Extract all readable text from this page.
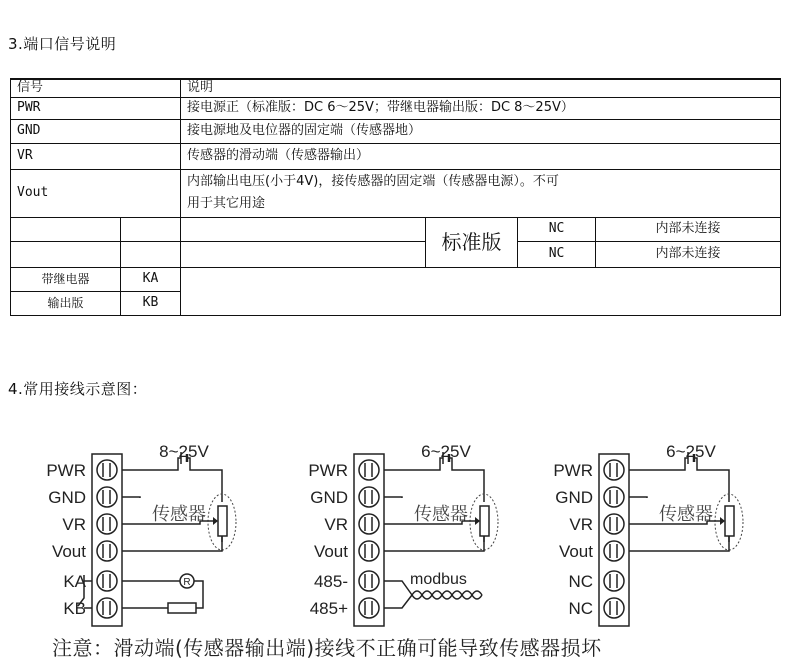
3.端口信号说明
信号		说明			
PWR		接电源正（标准版：DC 6～25V；带继电器输出版：DC 8～25V）			
GND		接电源地及电位器的固定端（传感器地）			
VR		传感器的滑动端（传感器输出）			
Vout		内部输出电压(小于4V)，接传感器的固定端（传感器电源）。不可
用于其它用途			

			标准版	NC	内部未连接
				NC	内部未连接
带继电器	KA				
输出版	KB				
4.常用接线示意图：
PWR
GND
VR
Vout
KA
KB
8~25V
传感器
R
PWR
GND
VR
Vout
485-
485+
6~25V
传感器
modbus
PWR
GND
VR
Vout
NC
NC
6~25V
传感器
注意：滑动端(传感器输出端)接线不正确可能导致传感器损坏
